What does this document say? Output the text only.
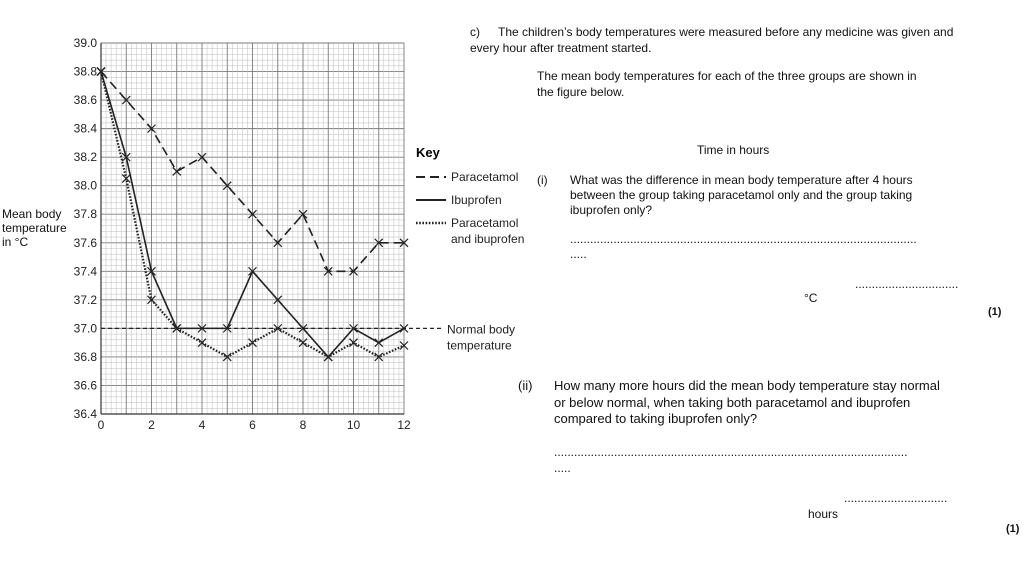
Mean body
temperature
in °C
Normal body
temperature
39.0
38.8
38.6
38.4
38.2
38.0
37.8
37.6
37.4
37.2
37.0
36.8
36.6
36.4
0	2	4	6	8	10	12
Key
Paracetamol
Ibuprofen
Paracetamol
and ibuprofen
c) The children’s body temperatures were measured before any medicine was given and
every hour after treatment started.
The mean body temperatures for each of the three groups are shown in
the figure below.
Time in hours
(i) What was the difference in mean body temperature after 4 hours
between the group taking paracetamol only and the group taking
ibuprofen only?
........................................................................................................
.....
...............................
°C
(1)
(ii) How many more hours did the mean body temperature stay normal
or below normal, when taking both paracetamol and ibuprofen
compared to taking ibuprofen only?
..........................................................................................................
.....
...............................
hours
(1)
